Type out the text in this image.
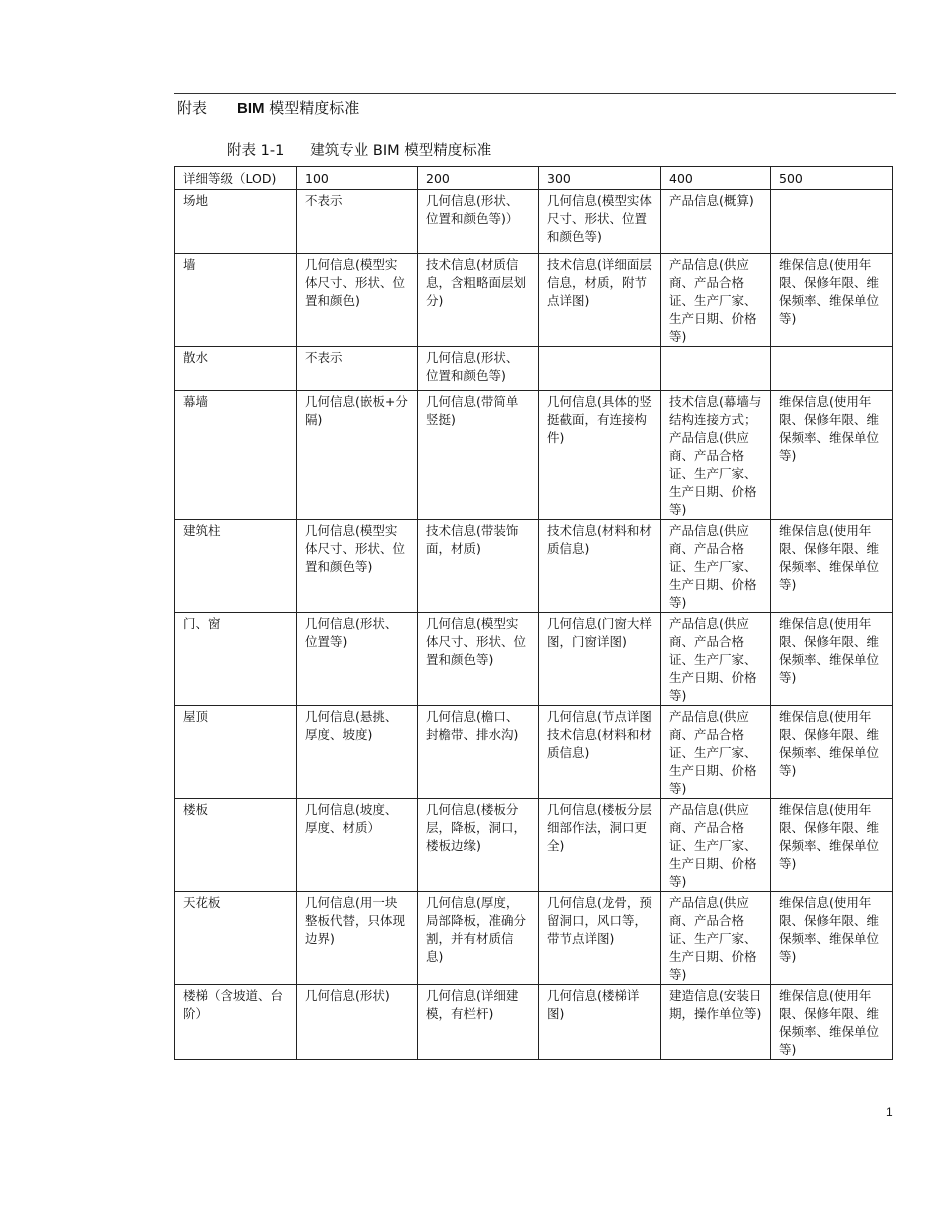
附表 BIM 模型精度标准
附表 1-1 建筑专业 BIM 模型精度标准
详细等级（LOD)	100	200	300	400	500
场地	不表示	几何信息(形状、位置和颜色等)）	几何信息(模型实体尺寸、形状、位置和颜色等)	产品信息(概算)	
墙	几何信息(模型实体尺寸、形状、位置和颜色)	技术信息(材质信息，含粗略面层划分)	技术信息(详细面层信息，材质，附节点详图)	产品信息(供应商、产品合格证、生产厂家、生产日期、价格等)	维保信息(使用年限、保修年限、维保频率、维保单位等)
散水	不表示	几何信息(形状、位置和颜色等)			
幕墙	几何信息(嵌板+分隔)	几何信息(带简单竖挺)	几何信息(具体的竖挺截面，有连接构件)	技术信息(幕墙与结构连接方式；产品信息(供应商、产品合格证、生产厂家、生产日期、价格等)	维保信息(使用年限、保修年限、维保频率、维保单位等)
建筑柱	几何信息(模型实体尺寸、形状、位置和颜色等)	技术信息(带装饰面，材质)	技术信息(材料和材质信息)	产品信息(供应商、产品合格证、生产厂家、生产日期、价格等)	维保信息(使用年限、保修年限、维保频率、维保单位等)
门、窗	几何信息(形状、位置等)	几何信息(模型实体尺寸、形状、位置和颜色等)	几何信息(门窗大样图，门窗详图)	产品信息(供应商、产品合格证、生产厂家、生产日期、价格等)	维保信息(使用年限、保修年限、维保频率、维保单位等)
屋顶	几何信息(悬挑、厚度、坡度)	几何信息(檐口、封檐带、排水沟)	几何信息(节点详图技术信息(材料和材质信息)	产品信息(供应商、产品合格证、生产厂家、生产日期、价格等)	维保信息(使用年限、保修年限、维保频率、维保单位等)
楼板	几何信息(坡度、厚度、材质）	几何信息(楼板分层，降板，洞口，楼板边缘)	几何信息(楼板分层细部作法，洞口更全)	产品信息(供应商、产品合格证、生产厂家、生产日期、价格等)	维保信息(使用年限、保修年限、维保频率、维保单位等)
天花板	几何信息(用一块整板代替，只体现边界)	几何信息(厚度，局部降板，准确分割，并有材质信息)	几何信息(龙骨，预留洞口，风口等，带节点详图)	产品信息(供应商、产品合格证、生产厂家、生产日期、价格等)	维保信息(使用年限、保修年限、维保频率、维保单位等)
楼梯（含坡道、台阶）	几何信息(形状)	几何信息(详细建模，有栏杆)	几何信息(楼梯详图)	建造信息(安装日期，操作单位等)	维保信息(使用年限、保修年限、维保频率、维保单位等)
1
